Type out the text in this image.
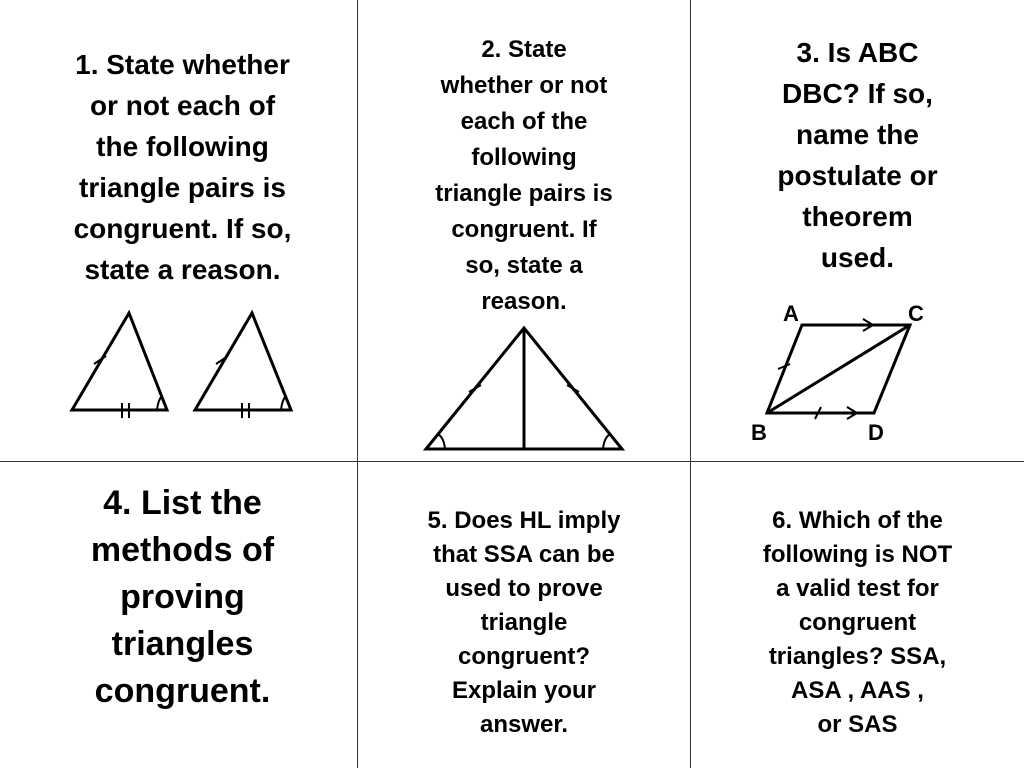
1. State whether
or not each of
the following
triangle pairs is
congruent. If so,
state a reason.
2. State
whether or not
each of the
following
triangle pairs is
congruent. If
so, state a
reason.
3. Is ABC
DBC? If so,
name the
postulate or
theorem
used.
A	C
B	D
4. List the
methods of
proving
triangles
congruent.
5. Does HL imply
that SSA can be
used to prove
triangle
congruent?
Explain your
answer.
6. Which of the
following is NOT
a valid test for
congruent
triangles? SSA,
ASA , AAS ,
or SAS
